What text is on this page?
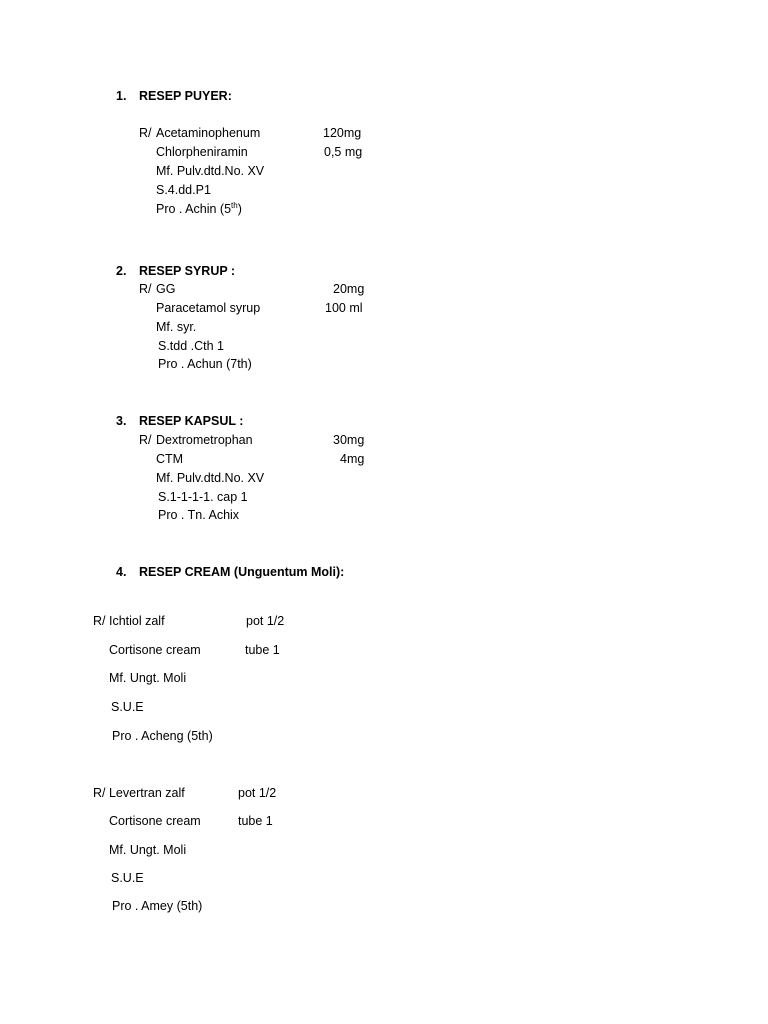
1. RESEP PUYER:
R/ Acetaminophenum	120mg
Chlorpheniramin	0,5 mg
Mf. Pulv.dtd.No. XV
S.4.dd.P1
Pro . Achin (5th)
2. RESEP SYRUP :
R/ GG	20mg
Paracetamol syrup	100 ml
Mf. syr.
S.tdd .Cth 1
Pro . Achun (7th)
3. RESEP KAPSUL :
R/ Dextrometrophan	30mg
CTM	4mg
Mf. Pulv.dtd.No. XV
S.1-1-1-1. cap 1
Pro . Tn. Achix
4. RESEP CREAM (Unguentum Moli):
R/ Ichtiol zalf	pot 1/2
Cortisone cream	tube 1
Mf. Ungt. Moli
S.U.E
Pro . Acheng (5th)
R/ Levertran zalf	pot 1/2
Cortisone cream	tube 1
Mf. Ungt. Moli
S.U.E
Pro . Amey (5th)
